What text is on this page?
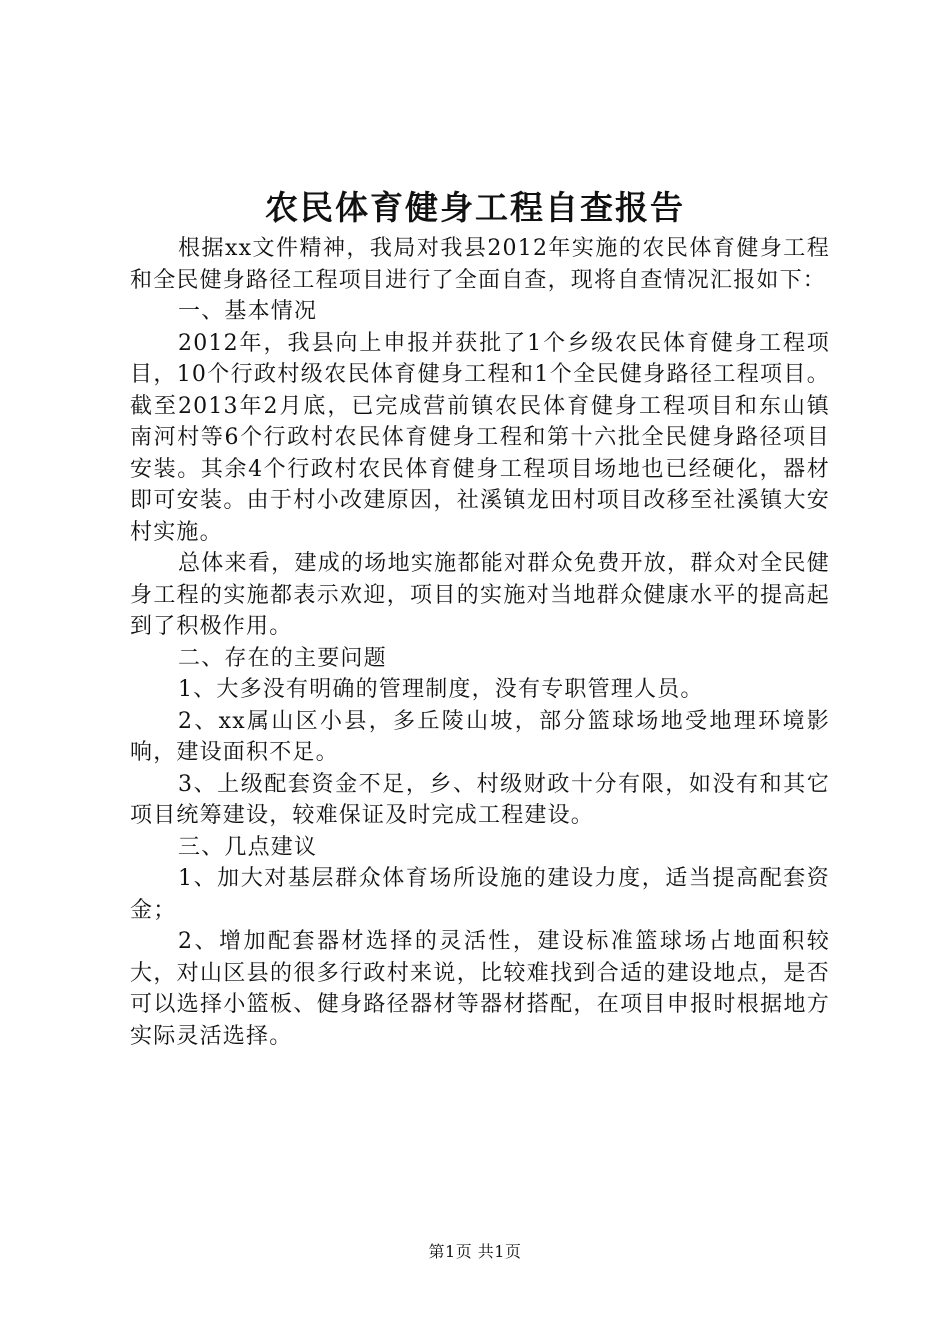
农民体育健身工程自查报告

根据xx文件精神，我局对我县2012年实施的农民体育健身工程和全民健身路径工程项目进行了全面自查，现将自查情况汇报如下：

一、基本情况

2012年，我县向上申报并获批了1个乡级农民体育健身工程项目，10个行政村级农民体育健身工程和1个全民健身路径工程项目。截至2013年2月底，已完成营前镇农民体育健身工程项目和东山镇南河村等6个行政村农民体育健身工程和第十六批全民健身路径项目安装。其余4个行政村农民体育健身工程项目场地也已经硬化，器材即可安装。由于村小改建原因，社溪镇龙田村项目改移至社溪镇大安村实施。

总体来看，建成的场地实施都能对群众免费开放，群众对全民健身工程的实施都表示欢迎，项目的实施对当地群众健康水平的提高起到了积极作用。

二、存在的主要问题

1、大多没有明确的管理制度，没有专职管理人员。

2、xx属山区小县，多丘陵山坡，部分篮球场地受地理环境影响，建设面积不足。

3、上级配套资金不足，乡、村级财政十分有限，如没有和其它项目统筹建设，较难保证及时完成工程建设。

三、几点建议

1、加大对基层群众体育场所设施的建设力度，适当提高配套资金；

2、增加配套器材选择的灵活性，建设标准篮球场占地面积较大，对山区县的很多行政村来说，比较难找到合适的建设地点，是否可以选择小篮板、健身路径器材等器材搭配，在项目申报时根据地方实际灵活选择。

第1页 共1页
